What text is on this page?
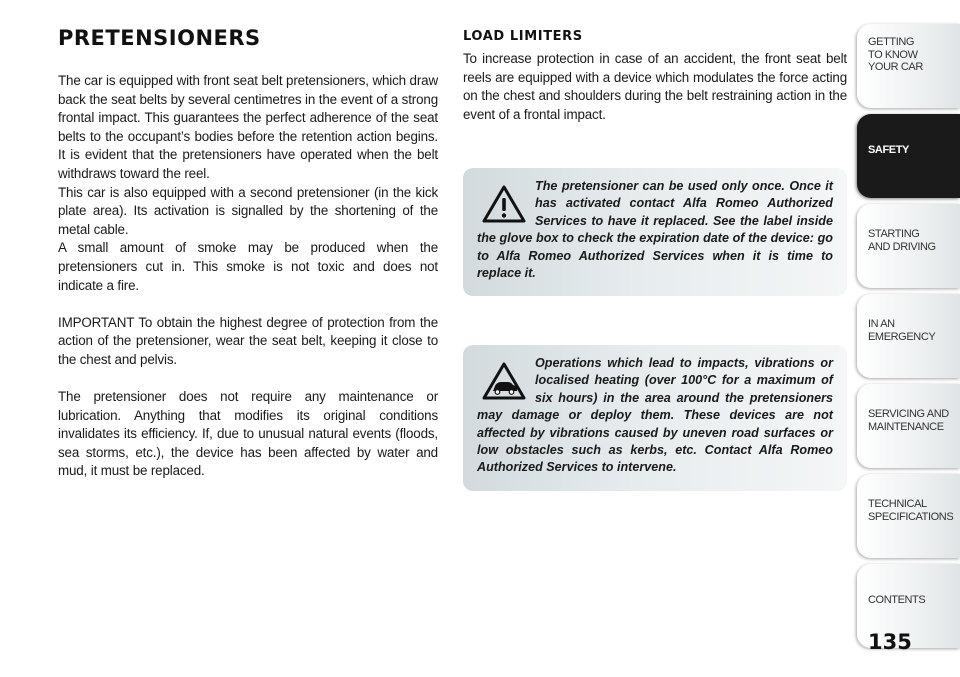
PRETENSIONERS

The car is equipped with front seat belt pretensioners, which draw back the seat belts by several centimetres in the event of a strong frontal impact. This guarantees the perfect adherence of the seat belts to the occupant’s bodies before the retention action begins. It is evident that the pretensioners have operated when the belt withdraws toward the reel.

This car is also equipped with a second pretensioner (in the kick plate area). Its activation is signalled by the shortening of the metal cable.

A small amount of smoke may be produced when the pretensioners cut in. This smoke is not toxic and does not indicate a fire.

IMPORTANT To obtain the highest degree of protection from the action of the pretensioner, wear the seat belt, keeping it close to the chest and pelvis.

The pretensioner does not require any maintenance or lubrication. Anything that modifies its original conditions invalidates its efficiency. If, due to unusual natural events (floods, sea storms, etc.), the device has been affected by water and mud, it must be replaced.

LOAD LIMITERS

To increase protection in case of an accident, the front seat belt reels are equipped with a device which modulates the force acting on the chest and shoulders during the belt restraining action in the event of a frontal impact.

The pretensioner can be used only once. Once it has activated contact Alfa Romeo Authorized Services to have it replaced. See the label inside the glove box to check the expiration date of the device: go to Alfa Romeo Authorized Services when it is time to replace it.

Operations which lead to impacts, vibrations or localised heating (over 100°C for a maximum of six hours) in the area around the pretensioners may damage or deploy them. These devices are not affected by vibrations caused by uneven road surfaces or low obstacles such as kerbs, etc. Contact Alfa Romeo Authorized Services to intervene.

GETTING
TO KNOW
YOUR CAR
SAFETY
STARTING
AND DRIVING
IN AN
EMERGENCY
SERVICING AND
MAINTENANCE
TECHNICAL
SPECIFICATIONS
CONTENTS
135
